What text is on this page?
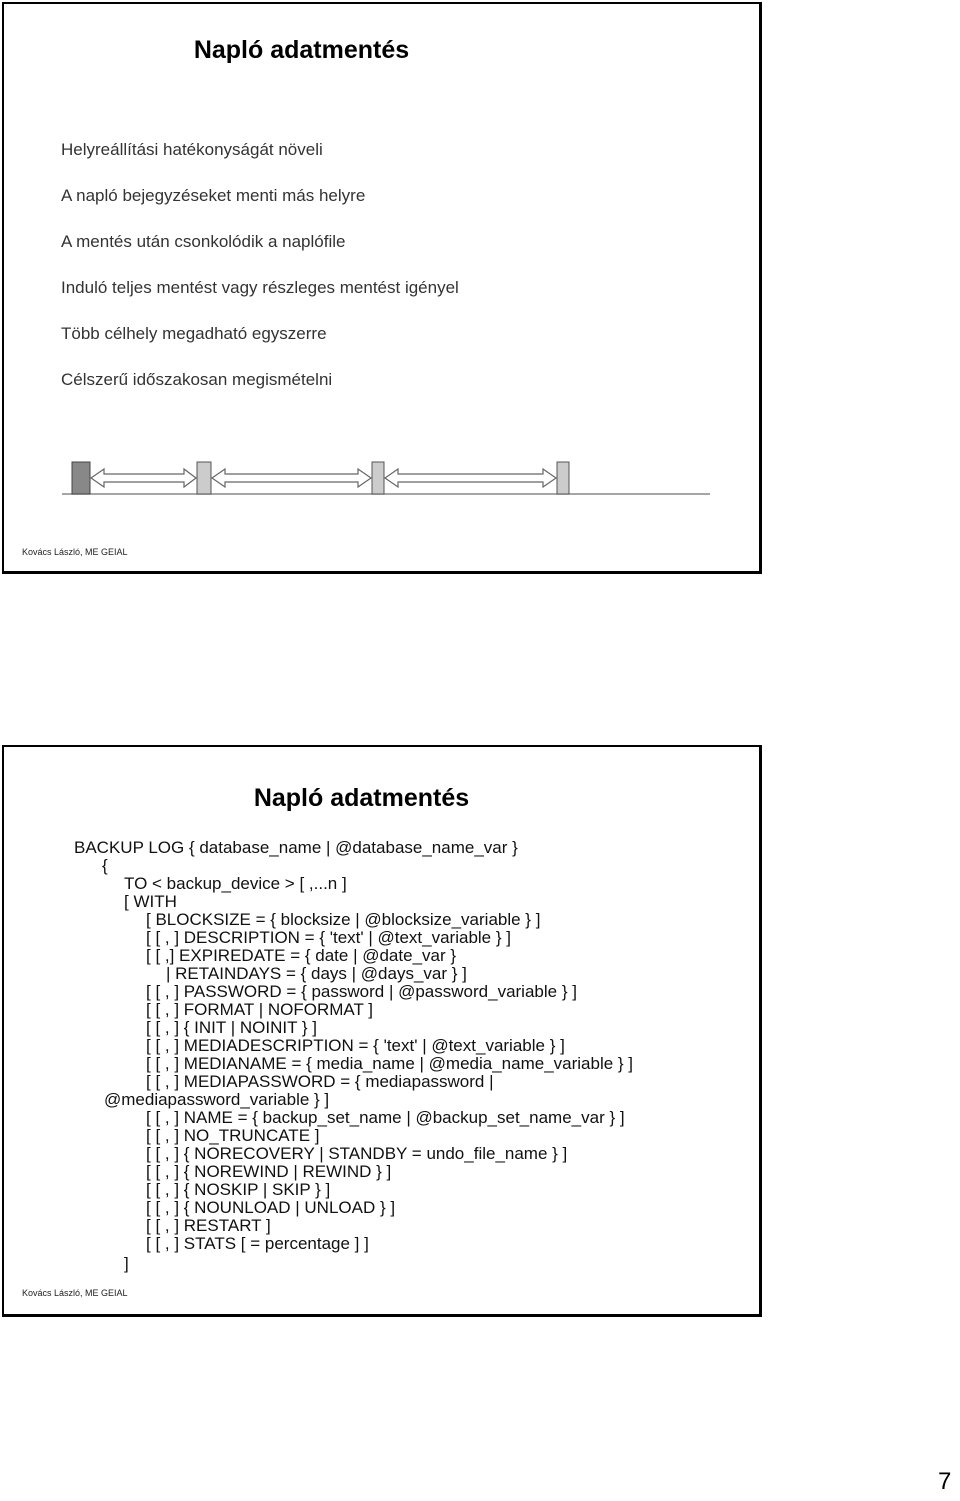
Napló adatmentés
Helyreállítási hatékonyságát növeli
A napló bejegyzéseket menti más helyre
A mentés után csonkolódik a naplófile
Induló teljes mentést vagy részleges mentést igényel
Több célhely megadható egyszerre
Célszerű időszakosan megismételni
Kovács László, ME GEIAL
Napló adatmentés
BACKUP LOG { database_name | @database_name_var }
{
TO < backup_device > [ ,...n ]
[ WITH
[ BLOCKSIZE = { blocksize | @blocksize_variable } ]
[ [ , ] DESCRIPTION = { 'text' | @text_variable } ]
[ [ ,] EXPIREDATE = { date | @date_var }
| RETAINDAYS = { days | @days_var } ]
[ [ , ] PASSWORD = { password | @password_variable } ]
[ [ , ] FORMAT | NOFORMAT ]
[ [ , ] { INIT | NOINIT } ]
[ [ , ] MEDIADESCRIPTION = { 'text' | @text_variable } ]
[ [ , ] MEDIANAME = { media_name | @media_name_variable } ]
[ [ , ] MEDIAPASSWORD = { mediapassword |
@mediapassword_variable } ]
[ [ , ] NAME = { backup_set_name | @backup_set_name_var } ]
[ [ , ] NO_TRUNCATE ]
[ [ , ] { NORECOVERY | STANDBY = undo_file_name } ]
[ [ , ] { NOREWIND | REWIND } ]
[ [ , ] { NOSKIP | SKIP } ]
[ [ , ] { NOUNLOAD | UNLOAD } ]
[ [ , ] RESTART ]
[ [ , ] STATS [ = percentage ] ]
]
Kovács László, ME GEIAL
7
